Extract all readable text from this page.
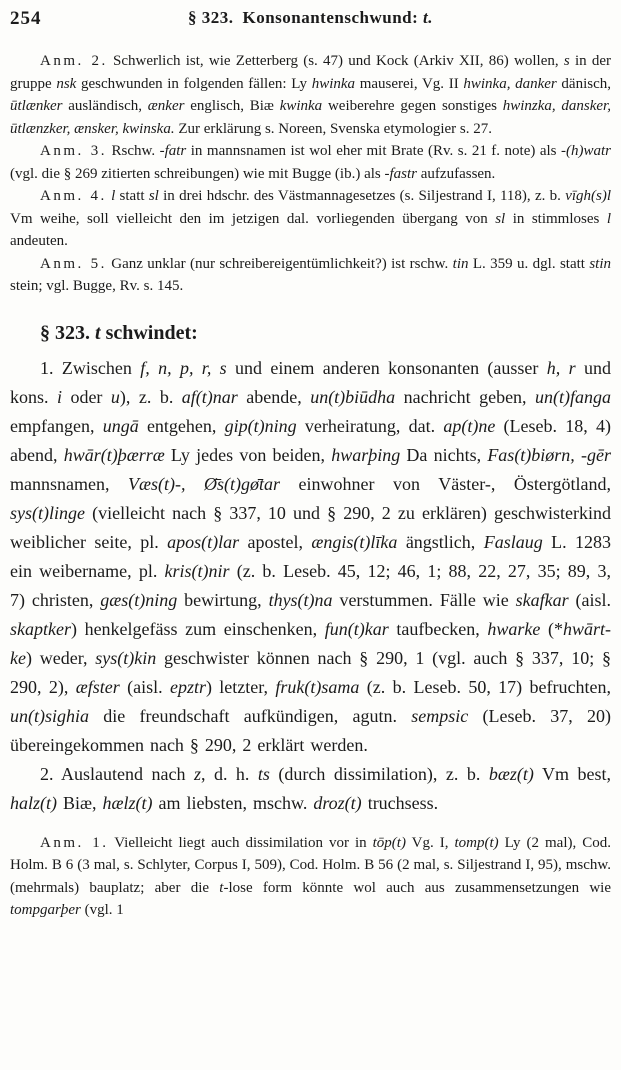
254	§ 323. Konsonantenschwund: t.

Anm. 2. Schwerlich ist, wie Zetterberg (s. 47) und Kock (Arkiv XII, 86) wollen, s in der gruppe nsk geschwunden in folgenden fällen: Ly hwinka mauserei, Vg. II hwinka, danker dänisch, ūtlænker ausländisch, ænker englisch, Biæ kwinka weiberehre gegen sonstiges hwinzka, dansker, ūtlænzker, ænsker, kwinska. Zur erklärung s. Noreen, Svenska etymologier s. 27.

Anm. 3. Rschw. -fatr in mannsnamen ist wol eher mit Brate (Rv. s. 21 f. note) als -(h)watr (vgl. die § 269 zitierten schreibungen) wie mit Bugge (ib.) als -fastr aufzufassen.

Anm. 4. l statt sl in drei hdschr. des Västmannagesetzes (s. Siljestrand I, 118), z. b. vīgh(s)l Vm weihe, soll vielleicht den im jetzigen dal. vorliegenden übergang von sl in stimmloses l andeuten.

Anm. 5. Ganz unklar (nur schreibereigentümlichkeit?) ist rschw. tin L. 359 u. dgl. statt stin stein; vgl. Bugge, Rv. s. 145.

§ 323. t schwindet:

1. Zwischen f, n, p, r, s und einem anderen konsonanten (ausser h, r und kons. i oder u), z. b. af(t)nar abende, un(t)biūdha nachricht geben, un(t)fanga empfangen, ungā entgehen, gip(t)ning verheiratung, dat. ap(t)ne (Leseb. 18, 4) abend, hwār(t)þærræ Ly jedes von beiden, hwarþing Da nichts, Fas(t)biørn, -gēr mannsnamen, Væs(t)-, Ø̄s(t)gø̄tar einwohner von Väster-, Östergötland, sys(t)linge (vielleicht nach § 337, 10 und § 290, 2 zu erklären) geschwisterkind weiblicher seite, pl. apos(t)lar apostel, ængis(t)līka ängstlich, Faslaug L. 1283 ein weibername, pl. kris(t)nir (z. b. Leseb. 45, 12; 46, 1; 88, 22, 27, 35; 89, 3, 7) christen, gæs(t)ning bewirtung, thys(t)na verstummen. Fälle wie skafkar (aisl. skaptker) henkelgefäss zum einschenken, fun(t)kar taufbecken, hwarke (*hwārt-ke) weder, sys(t)kin geschwister können nach § 290, 1 (vgl. auch § 337, 10; § 290, 2), æfster (aisl. epztr) letzter, fruk(t)sama (z. b. Leseb. 50, 17) befruchten, un(t)sighia die freundschaft aufkündigen, agutn. sempsic (Leseb. 37, 20) übereingekommen nach § 290, 2 erklärt werden.

2. Auslautend nach z, d. h. ts (durch dissimilation), z. b. bæz(t) Vm best, halz(t) Biæ, hælz(t) am liebsten, mschw. droz(t) truchsess.

Anm. 1. Vielleicht liegt auch dissimilation vor in tōp(t) Vg. I, tomp(t) Ly (2 mal), Cod. Holm. B 6 (3 mal, s. Schlyter, Corpus I, 509), Cod. Holm. B 56 (2 mal, s. Siljestrand I, 95), mschw. (mehrmals) bauplatz; aber die t-lose form könnte wol auch aus zusammensetzungen wie tompgarþer (vgl. 1
